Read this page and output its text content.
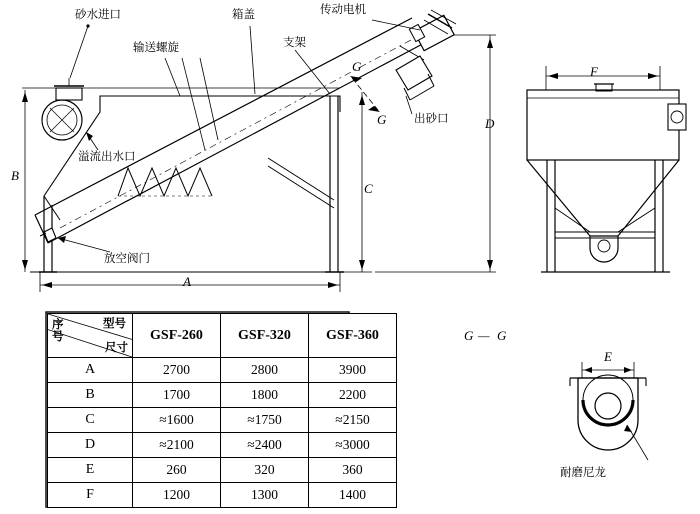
砂水进口
输送螺旋
箱盖
支架
传动电机
溢流出水口
出砂口
放空阀门
耐磨尼龙
A
B
C
D
E
F
G
G
G — G
型号
序
号
尺寸	GSF-260	GSF-320	GSF-360
A	2700	2800	3900
B	1700	1800	2200
C	≈1600	≈1750	≈2150
D	≈2100	≈2400	≈3000
E	260	320	360
F	1200	1300	1400
